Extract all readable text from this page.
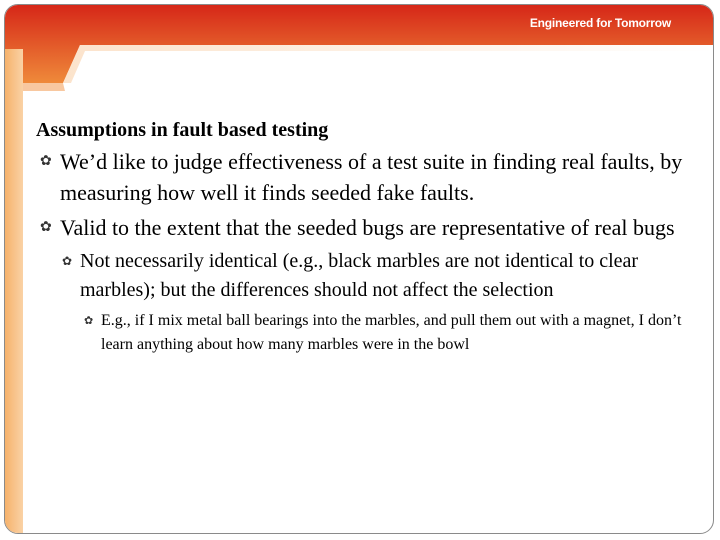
Engineered for Tomorrow
Assumptions in fault based testing
✿ We’d like to judge effectiveness of a test suite in finding real faults, by measuring how well it finds seeded fake faults.
✿ Valid to the extent that the seeded bugs are representative of real bugs
✿ Not necessarily identical (e.g., black marbles are not identical to clear marbles); but the differences should not affect the selection
✿ E.g., if I mix metal ball bearings into the marbles, and pull them out with a magnet, I don’t learn anything about how many marbles were in the bowl
